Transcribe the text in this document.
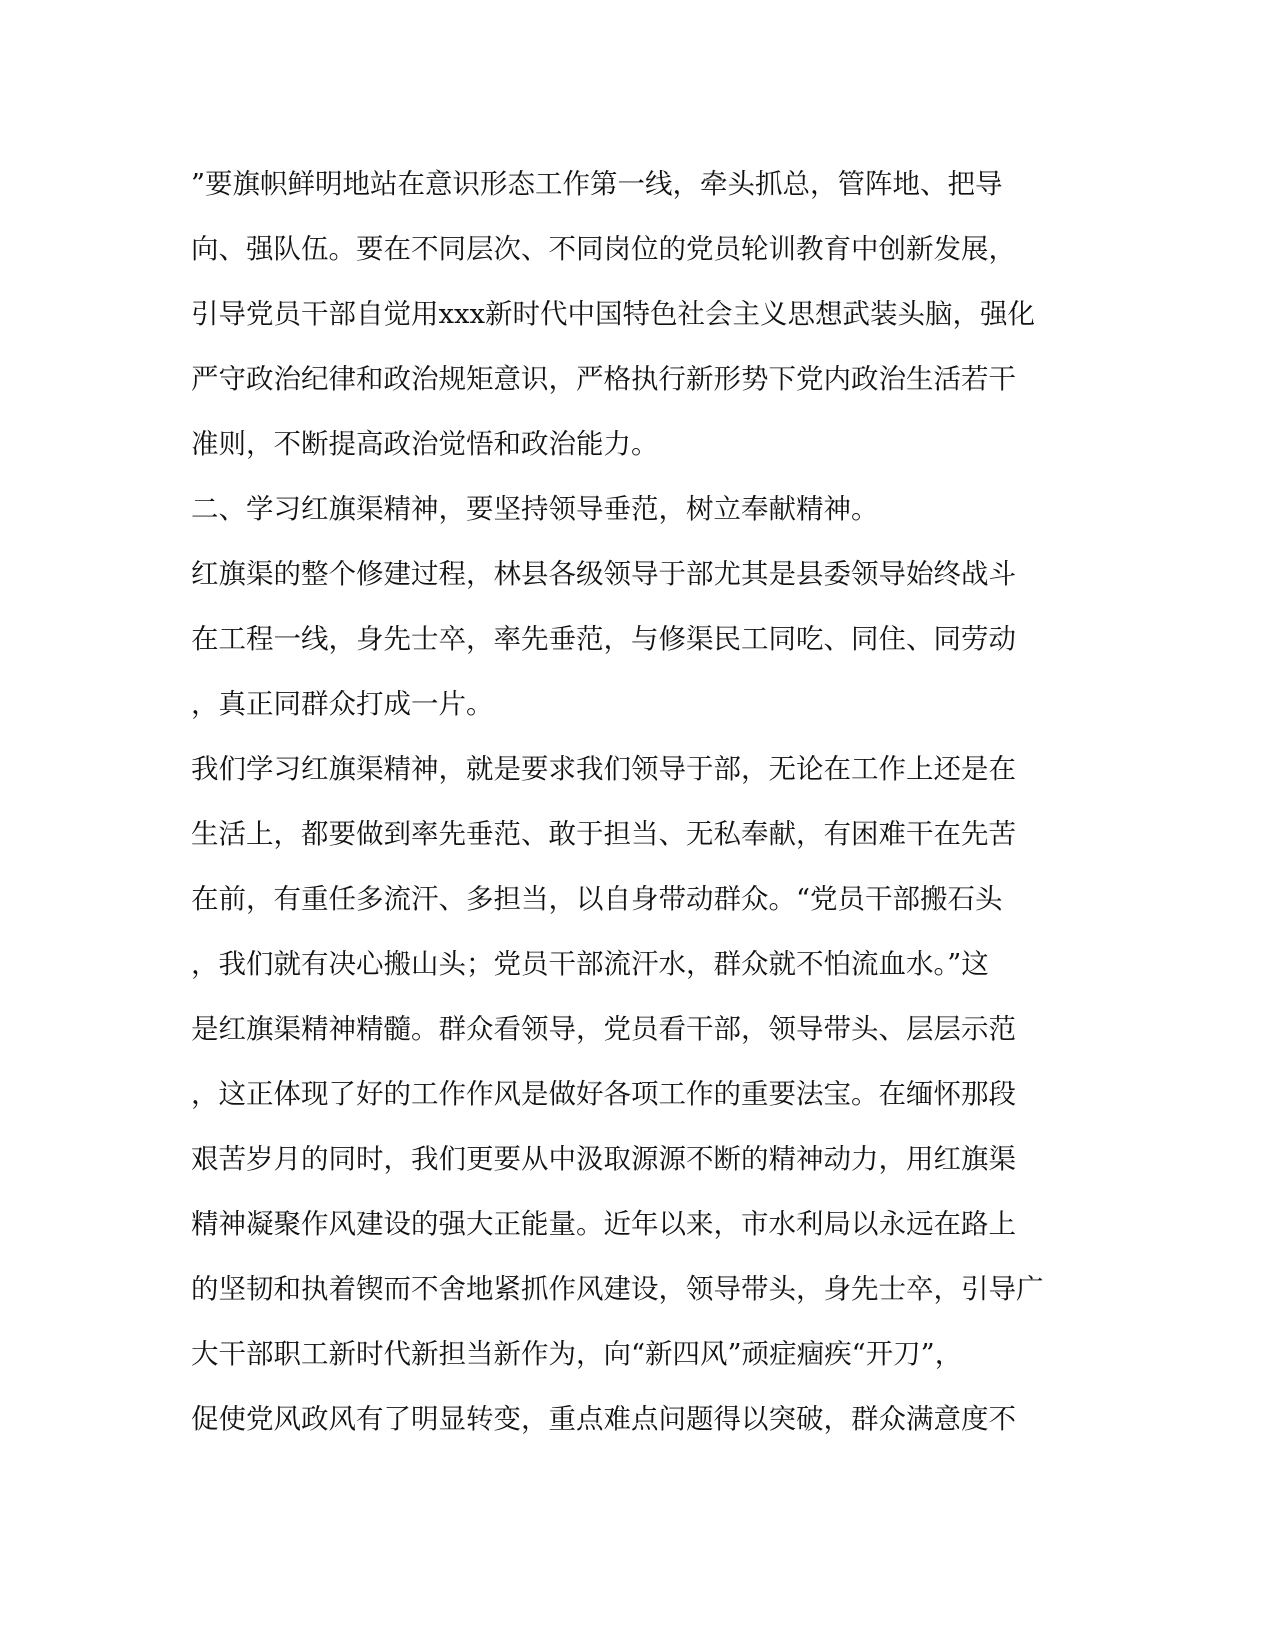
”要旗帜鲜明地站在意识形态工作第一线，牵头抓总，管阵地、把导
向、强队伍。要在不同层次、不同岗位的党员轮训教育中创新发展，
引导党员干部自觉用xxx新时代中国特色社会主义思想武装头脑，强化
严守政治纪律和政治规矩意识，严格执行新形势下党内政治生活若干
准则，不断提高政治觉悟和政治能力。
二、学习红旗渠精神，要坚持领导垂范，树立奉献精神。
红旗渠的整个修建过程，林县各级领导于部尤其是县委领导始终战斗
在工程一线，身先士卒，率先垂范，与修渠民工同吃、同住、同劳动
，真正同群众打成一片。
我们学习红旗渠精神，就是要求我们领导于部，无论在工作上还是在
生活上，都要做到率先垂范、敢于担当、无私奉献，有困难干在先苦
在前，有重任多流汗、多担当，以自身带动群众。“党员干部搬石头
，我们就有决心搬山头；党员干部流汗水，群众就不怕流血水。”这
是红旗渠精神精髓。群众看领导，党员看干部，领导带头、层层示范
，这正体现了好的工作作风是做好各项工作的重要法宝。在缅怀那段
艰苦岁月的同时，我们更要从中汲取源源不断的精神动力，用红旗渠
精神凝聚作风建设的强大正能量。近年以来，市水利局以永远在路上
的坚韧和执着锲而不舍地紧抓作风建设，领导带头，身先士卒，引导广
大干部职工新时代新担当新作为，向“新四风”顽症痼疾“开刀”，
促使党风政风有了明显转变，重点难点问题得以突破，群众满意度不
